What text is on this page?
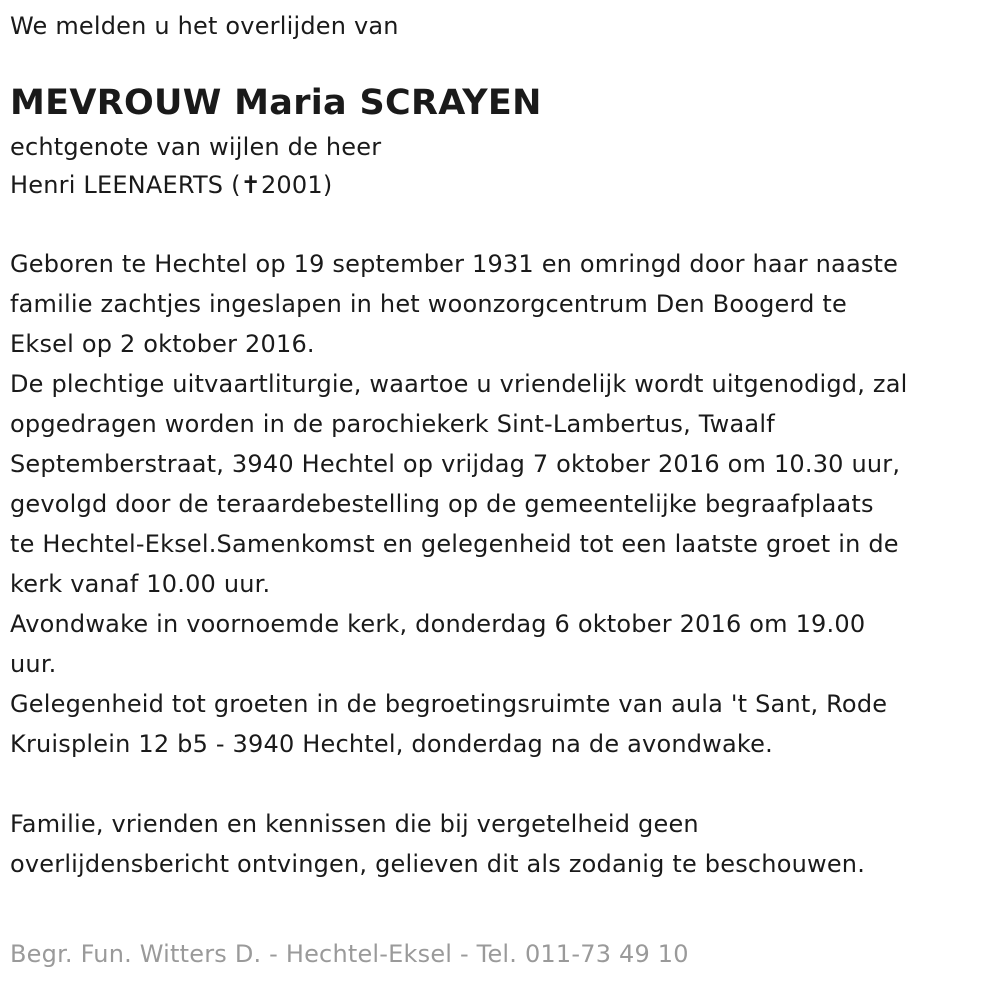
We melden u het overlijden van
MEVROUW Maria SCRAYEN
echtgenote van wijlen de heer
Henri LEENAERTS (✝2001)
Geboren te Hechtel op 19 september 1931 en omringd door haar naaste
familie zachtjes ingeslapen in het woonzorgcentrum Den Boogerd te
Eksel op 2 oktober 2016.
De plechtige uitvaartliturgie, waartoe u vriendelijk wordt uitgenodigd, zal
opgedragen worden in de parochiekerk Sint-Lambertus, Twaalf
Septemberstraat, 3940 Hechtel op vrijdag 7 oktober 2016 om 10.30 uur,
gevolgd door de teraardebestelling op de gemeentelijke begraafplaats
te Hechtel-Eksel.Samenkomst en gelegenheid tot een laatste groet in de
kerk vanaf 10.00 uur.
Avondwake in voornoemde kerk, donderdag 6 oktober 2016 om 19.00
uur.
Gelegenheid tot groeten in de begroetingsruimte van aula 't Sant, Rode
Kruisplein 12 b5 - 3940 Hechtel, donderdag na de avondwake.
Familie, vrienden en kennissen die bij vergetelheid geen
overlijdensbericht ontvingen, gelieven dit als zodanig te beschouwen.
Begr. Fun. Witters D. - Hechtel-Eksel - Tel. 011-73 49 10
